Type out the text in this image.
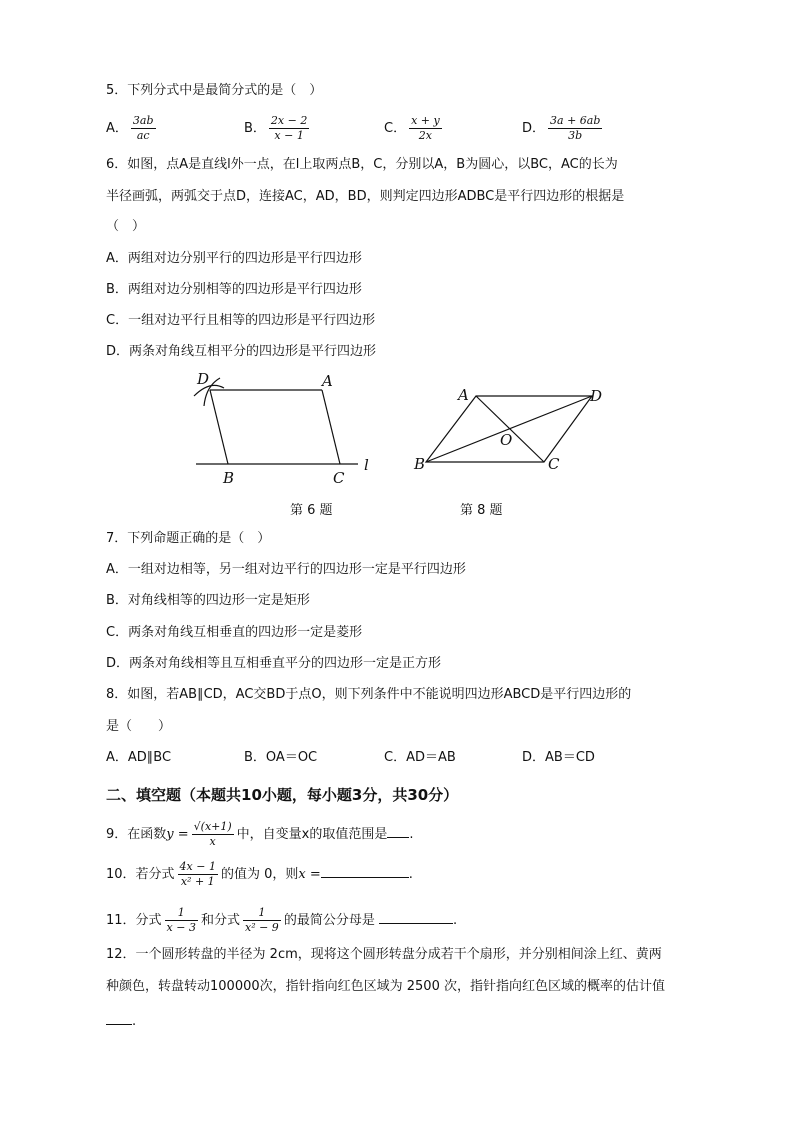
5．下列分式中是最简分式的是（　）
A． $\frac{3ab}{ac}$	B． $\frac{2x - 2}{x - 1}$	C． $\frac{x + y}{2x}$	D． $\frac{3a + 6ab}{3b}$
6．如图，点A是直线l外一点，在l上取两点B，C，分别以A，B为圆心，以BC，AC的长为
半径画弧，两弧交于点D，连接AC，AD，BD，则判定四边形ADBC是平行四边形的根据是
（　）
A．两组对边分别平行的四边形是平行四边形
B．两组对边分别相等的四边形是平行四边形
C．一组对边平行且相等的四边形是平行四边形
D．两条对角线互相平分的四边形是平行四边形
D	A
B	C
l
第 6 题
A	D
O
B	C
第 8 题
7．下列命题正确的是（　）
A．一组对边相等，另一组对边平行的四边形一定是平行四边形
B．对角线相等的四边形一定是矩形
C．两条对角线互相垂直的四边形一定是菱形
D．两条对角线相等且互相垂直平分的四边形一定是正方形
8．如图，若AB∥CD，AC交BD于点O，则下列条件中不能说明四边形ABCD是平行四边形的
是（　　）
A．AD∥BC	B．OA＝OC	C．AD＝AB	D．AB＝CD
二、填空题（本题共10小题，每小题3分，共30分）
9．在函数$y = \frac{√(x+1)}{x}$ 中，自变量x的取值范围是 .
10．若分式 $\frac{4x - 1}{\text{x² + 1}}$ 的值为 0，则x =	.
11．分式 $\frac{1}{x - 3}$ 和分式 $\frac{1}{\text{x² − 9}}$ 的最简公分母是	.
12．一个圆形转盘的半径为 2cm，现将这个圆形转盘分成若干个扇形，并分别相间涂上红、黄两
种颜色，转盘转动100000次，指针指向红色区域为 2500 次，指针指向红色区域的概率的估计值
.
